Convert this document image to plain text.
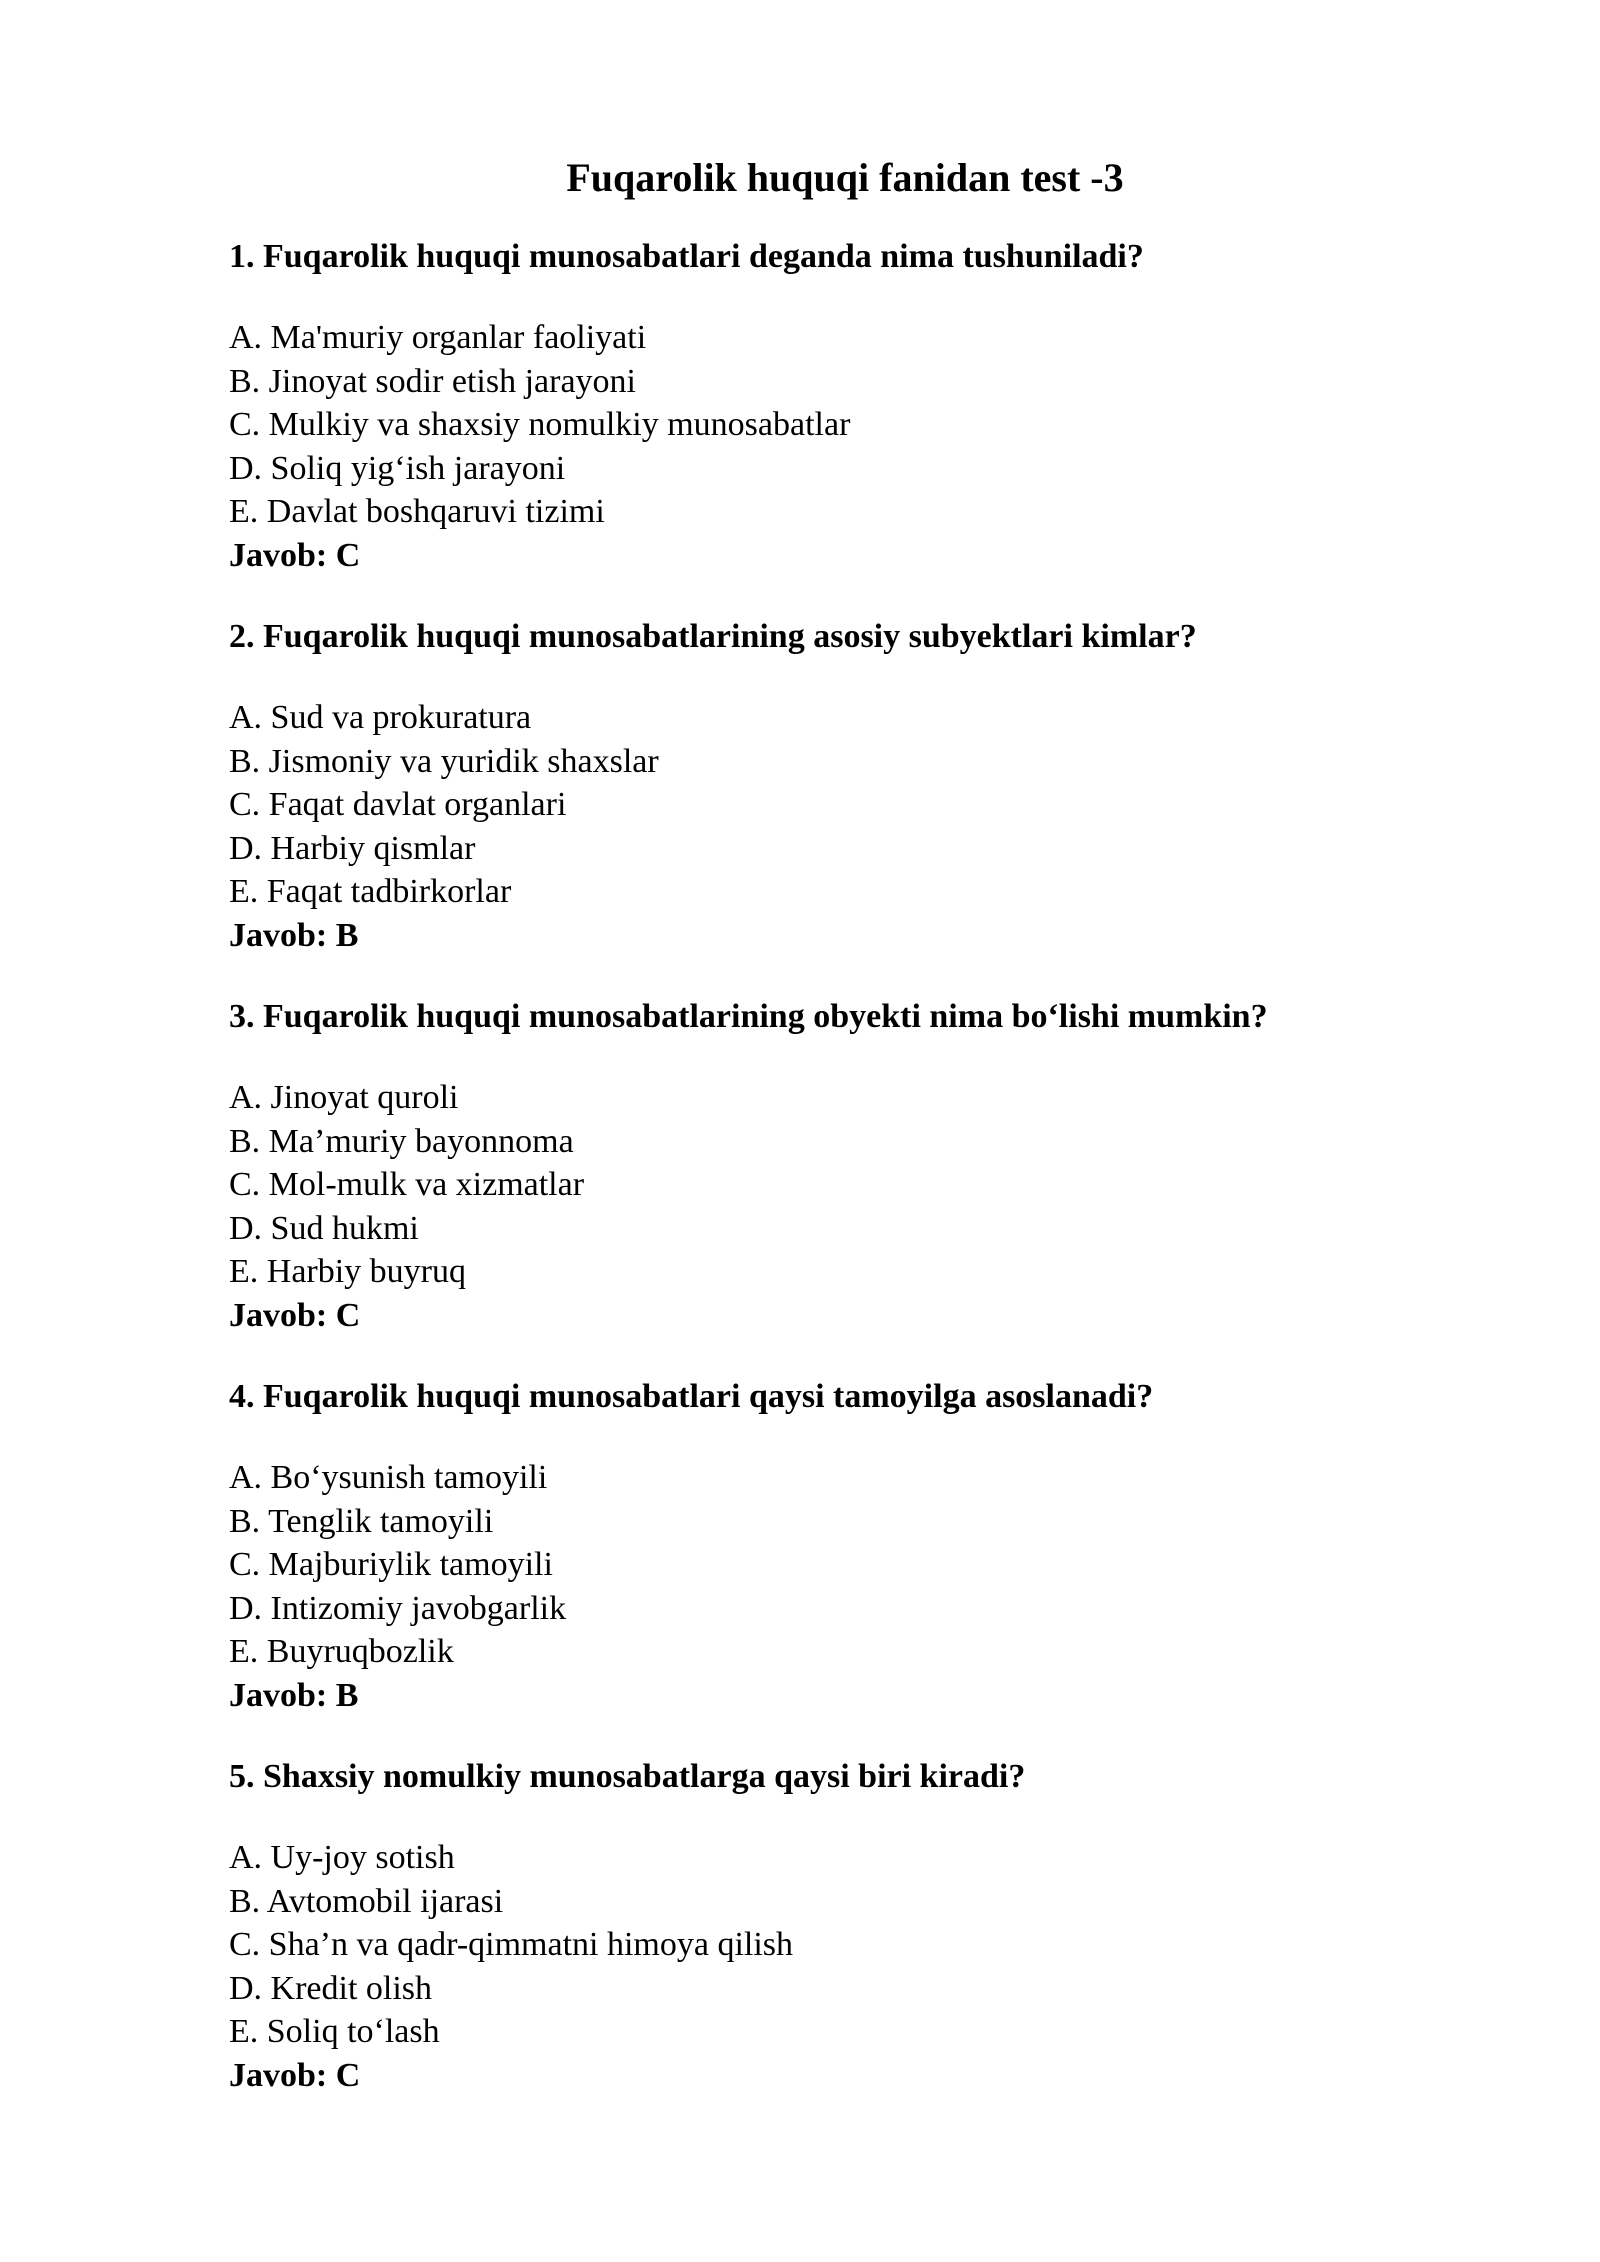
Fuqarolik huquqi fanidan test -3

1. Fuqarolik huquqi munosabatlari deganda nima tushuniladi?

A. Ma'muriy organlar faoliyati

B. Jinoyat sodir etish jarayoni

C. Mulkiy va shaxsiy nomulkiy munosabatlar

D. Soliq yig‘ish jarayoni

E. Davlat boshqaruvi tizimi

Javob: C

2. Fuqarolik huquqi munosabatlarining asosiy subyektlari kimlar?

A. Sud va prokuratura

B. Jismoniy va yuridik shaxslar

C. Faqat davlat organlari

D. Harbiy qismlar

E. Faqat tadbirkorlar

Javob: B

3. Fuqarolik huquqi munosabatlarining obyekti nima bo‘lishi mumkin?

A. Jinoyat quroli

B. Ma’muriy bayonnoma

C. Mol-mulk va xizmatlar

D. Sud hukmi

E. Harbiy buyruq

Javob: C

4. Fuqarolik huquqi munosabatlari qaysi tamoyilga asoslanadi?

A. Bo‘ysunish tamoyili

B. Tenglik tamoyili

C. Majburiylik tamoyili

D. Intizomiy javobgarlik

E. Buyruqbozlik

Javob: B

5. Shaxsiy nomulkiy munosabatlarga qaysi biri kiradi?

A. Uy-joy sotish

B. Avtomobil ijarasi

C. Sha’n va qadr-qimmatni himoya qilish

D. Kredit olish

E. Soliq to‘lash

Javob: C
